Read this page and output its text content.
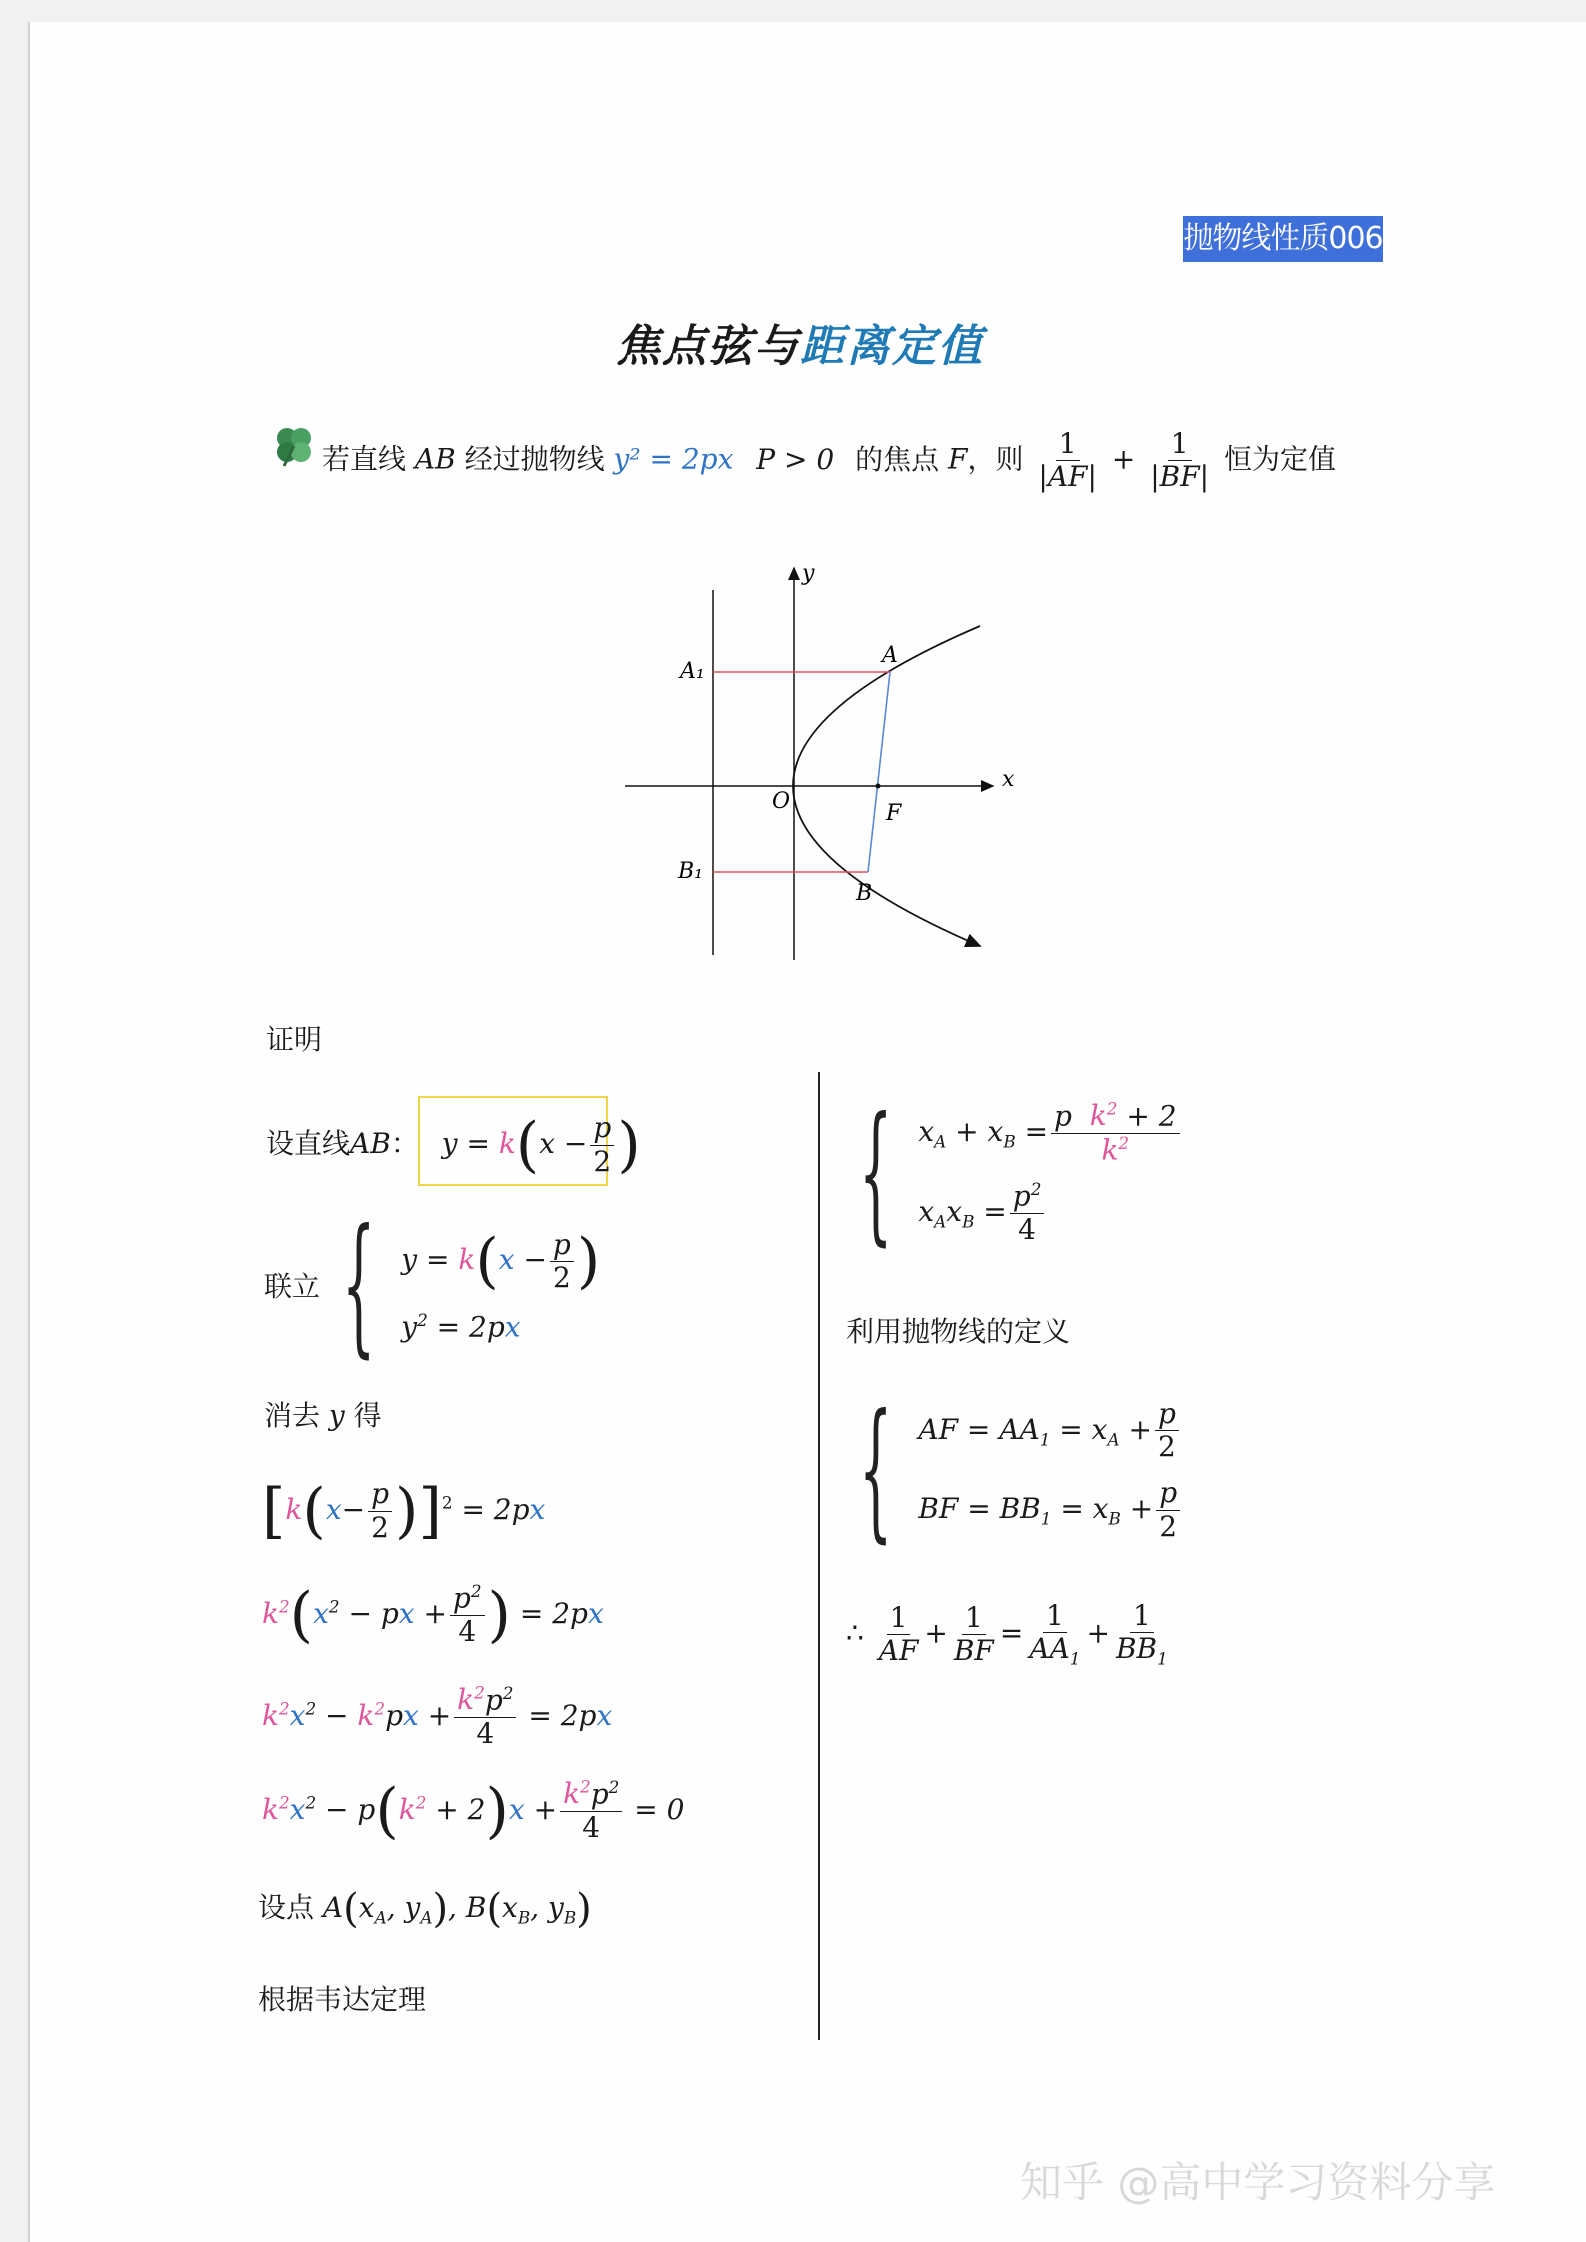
抛物线性质006
焦点弦与距离定值
若直线 AB 经过抛物线 y² = 2px P > 0 的焦点 F，则 $\frac{1}{|AF|} + \frac{1}{|BF|}$ 恒为定值
y
x
O	F
A
B
A₁
B₁
证明
设直线AB： $y = k(x - \frac{p}{2}$ )
联立 { $y = k(x - \frac{p}{2}$ )
$y^2 = 2px$
消去 y 得
$[k(x- \frac{p}{2} )]^2 = 2px$
$k^2(x^2$ − px + $\frac{p^2}{4}$ ) = 2px
$k^2x^2 - k^2px + \frac{k^2p^2}{4} = 2px$
$k^2x^2 - p(k^2 + 2)x + \frac{k^2p^2}{4} = 0$
设点 $A(x_A$, $y_A$), $B(x_B$, $y_B$)
根据韦达定理
{ $x_A + x_B = \frac{p k^2 + 2}{k^2}$
$x_Ax_B = \frac{p^2}{4}$
利用抛物线的定义
{ AF = $AA_1 = x_A + \frac{p}{2}$
BF = $BB_1 = x_B + \frac{p}{2}$
∴ $\frac{1}{AF} + \frac{1}{BF} = \frac{1}{AA_1} + \frac{1}{BB_1}$
知乎 @高中学习资料分享
